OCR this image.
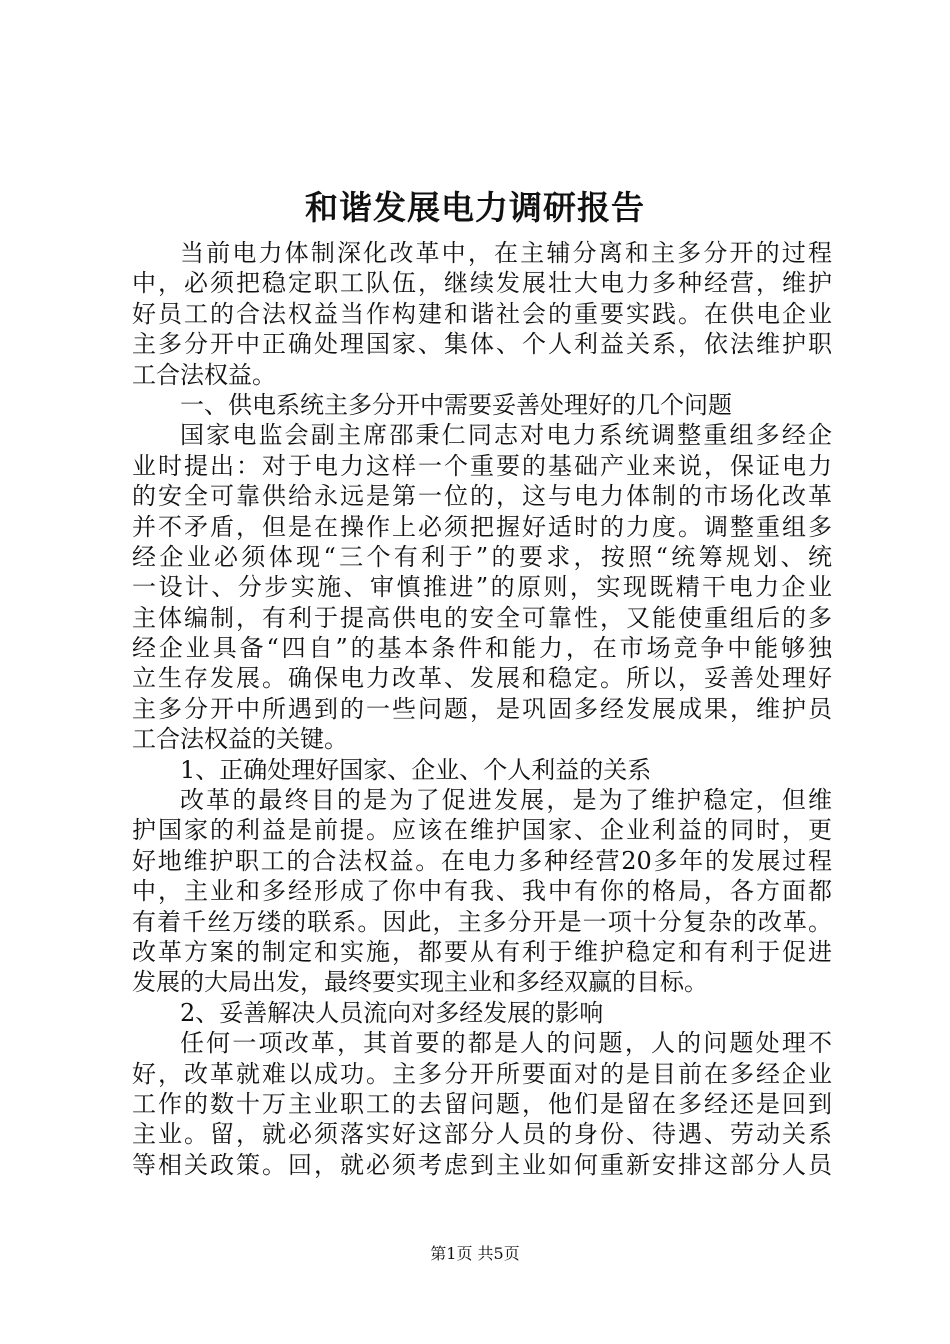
和谐发展电力调研报告
当前电力体制深化改革中，在主辅分离和主多分开的过程
中，必须把稳定职工队伍，继续发展壮大电力多种经营，维护
好员工的合法权益当作构建和谐社会的重要实践。在供电企业
主多分开中正确处理国家、集体、个人利益关系，依法维护职
工合法权益。
一、供电系统主多分开中需要妥善处理好的几个问题
国家电监会副主席邵秉仁同志对电力系统调整重组多经企
业时提出：对于电力这样一个重要的基础产业来说，保证电力
的安全可靠供给永远是第一位的，这与电力体制的市场化改革
并不矛盾，但是在操作上必须把握好适时的力度。调整重组多
经企业必须体现“三个有利于”的要求，按照“统筹规划、统
一设计、分步实施、审慎推进”的原则，实现既精干电力企业
主体编制，有利于提高供电的安全可靠性，又能使重组后的多
经企业具备“四自”的基本条件和能力，在市场竞争中能够独
立生存发展。确保电力改革、发展和稳定。所以，妥善处理好
主多分开中所遇到的一些问题，是巩固多经发展成果，维护员
工合法权益的关键。
1、正确处理好国家、企业、个人利益的关系
改革的最终目的是为了促进发展，是为了维护稳定，但维
护国家的利益是前提。应该在维护国家、企业利益的同时，更
好地维护职工的合法权益。在电力多种经营20多年的发展过程
中，主业和多经形成了你中有我、我中有你的格局，各方面都
有着千丝万缕的联系。因此，主多分开是一项十分复杂的改革。
改革方案的制定和实施，都要从有利于维护稳定和有利于促进
发展的大局出发，最终要实现主业和多经双赢的目标。
2、妥善解决人员流向对多经发展的影响
任何一项改革，其首要的都是人的问题，人的问题处理不
好，改革就难以成功。主多分开所要面对的是目前在多经企业
工作的数十万主业职工的去留问题，他们是留在多经还是回到
主业。留，就必须落实好这部分人员的身份、待遇、劳动关系
等相关政策。回，就必须考虑到主业如何重新安排这部分人员
第1页 共5页
